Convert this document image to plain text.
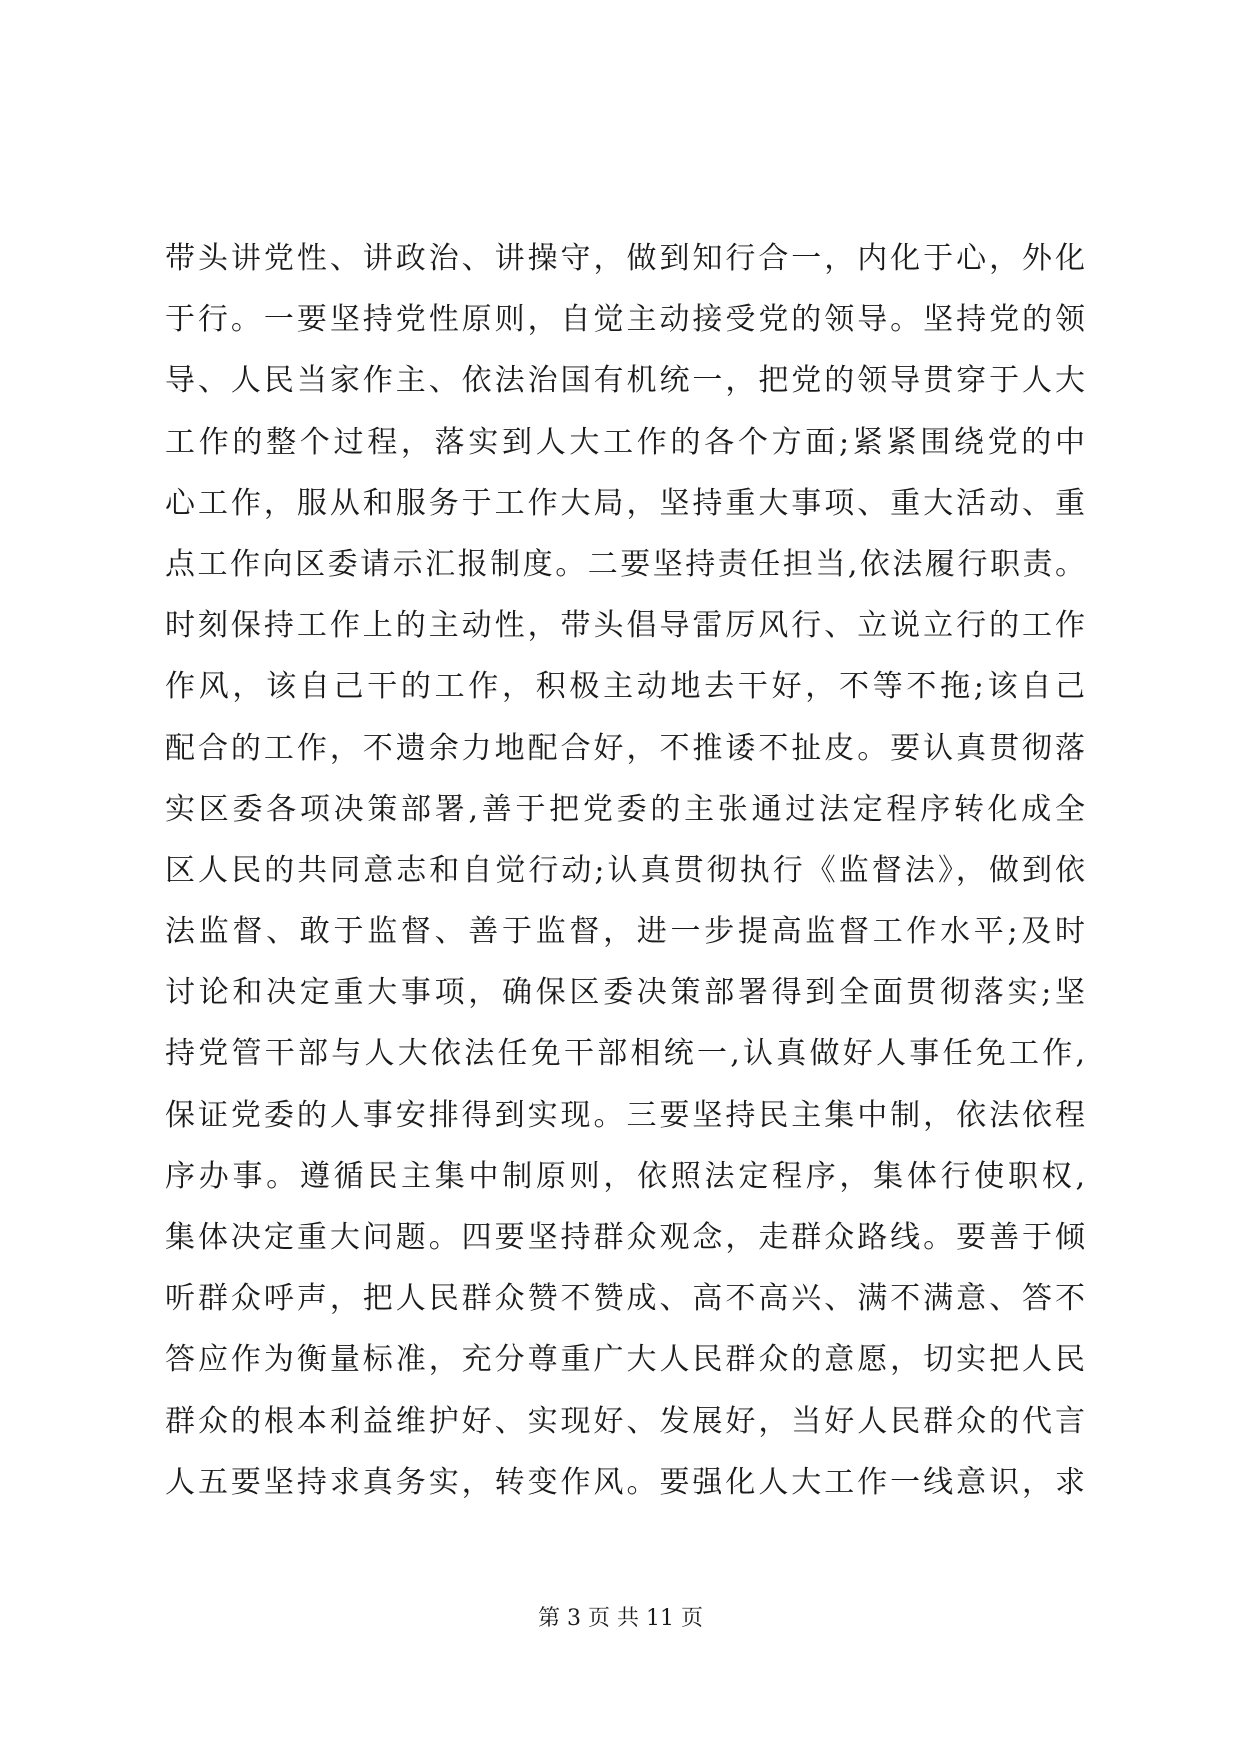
带头讲党性、讲政治、讲操守，做到知行合一，内化于心，外化
于行。一要坚持党性原则，自觉主动接受党的领导。坚持党的领
导、人民当家作主、依法治国有机统一，把党的领导贯穿于人大
工作的整个过程，落实到人大工作的各个方面;紧紧围绕党的中
心工作，服从和服务于工作大局，坚持重大事项、重大活动、重
点工作向区委请示汇报制度。二要坚持责任担当,依法履行职责。
时刻保持工作上的主动性，带头倡导雷厉风行、立说立行的工作
作风，该自己干的工作，积极主动地去干好，不等不拖;该自己
配合的工作，不遗余力地配合好，不推诿不扯皮。要认真贯彻落
实区委各项决策部署,善于把党委的主张通过法定程序转化成全
区人民的共同意志和自觉行动;认真贯彻执行《监督法》，做到依
法监督、敢于监督、善于监督，进一步提高监督工作水平;及时
讨论和决定重大事项，确保区委决策部署得到全面贯彻落实;坚
持党管干部与人大依法任免干部相统一,认真做好人事任免工作,
保证党委的人事安排得到实现。三要坚持民主集中制，依法依程
序办事。遵循民主集中制原则，依照法定程序，集体行使职权,
集体决定重大问题。四要坚持群众观念，走群众路线。要善于倾
听群众呼声，把人民群众赞不赞成、高不高兴、满不满意、答不
答应作为衡量标准，充分尊重广大人民群众的意愿，切实把人民
群众的根本利益维护好、实现好、发展好，当好人民群众的代言
人五要坚持求真务实，转变作风。要强化人大工作一线意识，求
第 3 页 共 11 页
